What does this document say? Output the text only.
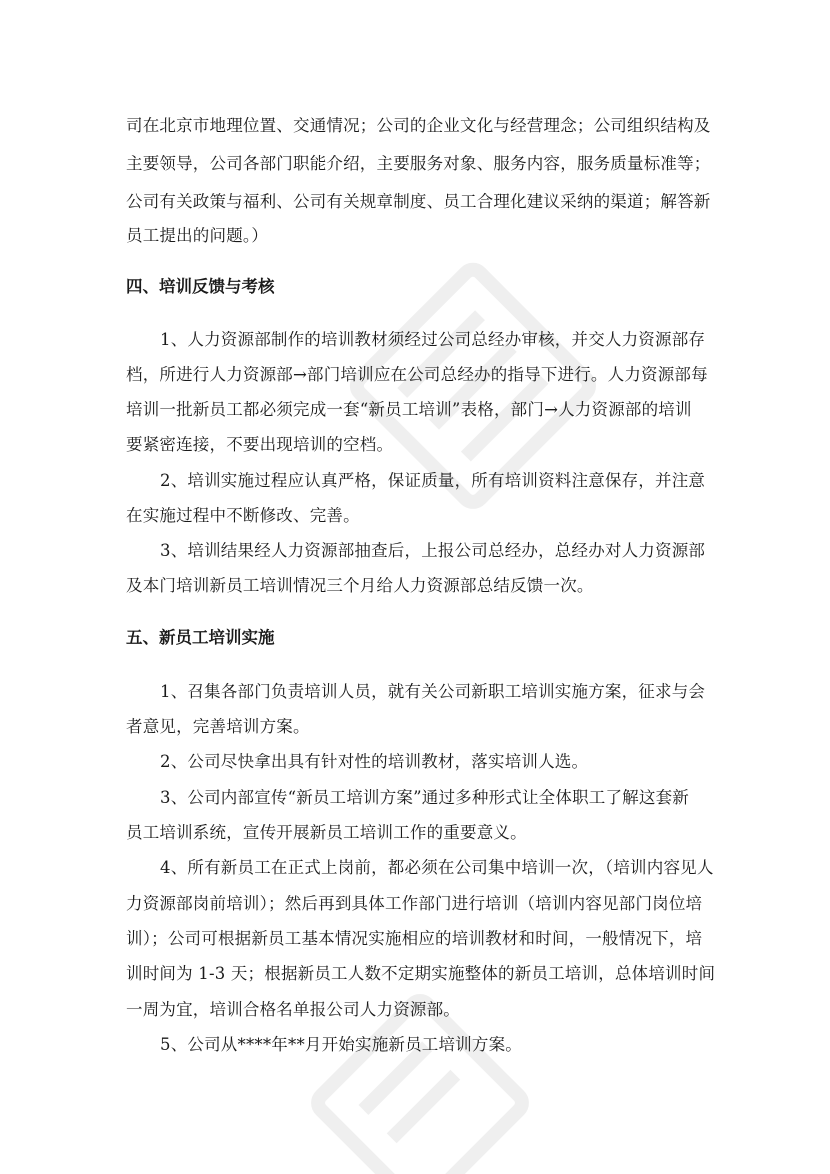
司在北京市地理位置、交通情况；公司的企业文化与经营理念；公司组织结构及
主要领导，公司各部门职能介绍，主要服务对象、服务内容，服务质量标准等；
公司有关政策与福利、公司有关规章制度、员工合理化建议采纳的渠道；解答新
员工提出的问题。）
四、培训反馈与考核
1、人力资源部制作的培训教材须经过公司总经办审核，并交人力资源部存
档，所进行人力资源部→部门培训应在公司总经办的指导下进行。人力资源部每
培训一批新员工都必须完成一套“新员工培训”表格，部门→人力资源部的培训
要紧密连接，不要出现培训的空档。
2、培训实施过程应认真严格，保证质量，所有培训资料注意保存，并注意
在实施过程中不断修改、完善。
3、培训结果经人力资源部抽查后，上报公司总经办，总经办对人力资源部
及本门培训新员工培训情况三个月给人力资源部总结反馈一次。
五、新员工培训实施
1、召集各部门负责培训人员，就有关公司新职工培训实施方案，征求与会
者意见，完善培训方案。
2、公司尽快拿出具有针对性的培训教材，落实培训人选。
3、公司内部宣传“新员工培训方案”通过多种形式让全体职工了解这套新
员工培训系统，宣传开展新员工培训工作的重要意义。
4、所有新员工在正式上岗前，都必须在公司集中培训一次，（培训内容见人
力资源部岗前培训）；然后再到具体工作部门进行培训（培训内容见部门岗位培
训）；公司可根据新员工基本情况实施相应的培训教材和时间，一般情况下，培
训时间为 1-3 天；根据新员工人数不定期实施整体的新员工培训，总体培训时间
一周为宜，培训合格名单报公司人力资源部。
5、公司从****年**月开始实施新员工培训方案。
